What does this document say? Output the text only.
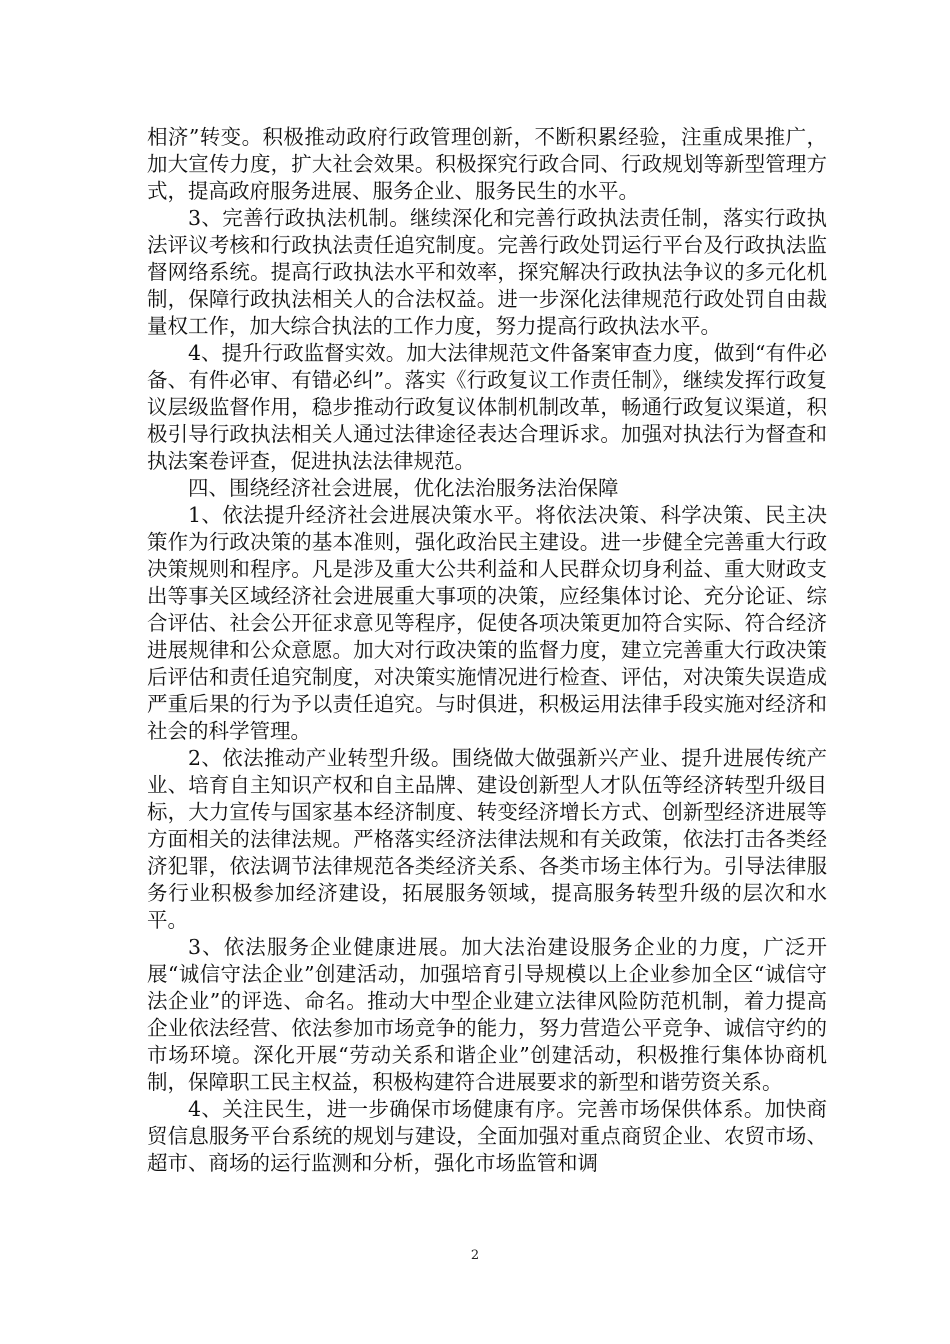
相济”转变。积极推动政府行政管理创新，不断积累经验，注重成果推广，加大宣传力度，扩大社会效果。积极探究行政合同、行政规划等新型管理方式，提高政府服务进展、服务企业、服务民生的水平。

3、完善行政执法机制。继续深化和完善行政执法责任制，落实行政执法评议考核和行政执法责任追究制度。完善行政处罚运行平台及行政执法监督网络系统。提高行政执法水平和效率，探究解决行政执法争议的多元化机制，保障行政执法相关人的合法权益。进一步深化法律规范行政处罚自由裁量权工作，加大综合执法的工作力度，努力提高行政执法水平。

4、提升行政监督实效。加大法律规范文件备案审查力度，做到“有件必备、有件必审、有错必纠”。落实《行政复议工作责任制》，继续发挥行政复议层级监督作用，稳步推动行政复议体制机制改革，畅通行政复议渠道，积极引导行政执法相关人通过法律途径表达合理诉求。加强对执法行为督查和执法案卷评查，促进执法法律规范。

四、围绕经济社会进展，优化法治服务法治保障

1、依法提升经济社会进展决策水平。将依法决策、科学决策、民主决策作为行政决策的基本准则，强化政治民主建设。进一步健全完善重大行政决策规则和程序。凡是涉及重大公共利益和人民群众切身利益、重大财政支出等事关区域经济社会进展重大事项的决策，应经集体讨论、充分论证、综合评估、社会公开征求意见等程序，促使各项决策更加符合实际、符合经济进展规律和公众意愿。加大对行政决策的监督力度，建立完善重大行政决策后评估和责任追究制度，对决策实施情况进行检查、评估，对决策失误造成严重后果的行为予以责任追究。与时俱进，积极运用法律手段实施对经济和社会的科学管理。

2、依法推动产业转型升级。围绕做大做强新兴产业、提升进展传统产业、培育自主知识产权和自主品牌、建设创新型人才队伍等经济转型升级目标，大力宣传与国家基本经济制度、转变经济增长方式、创新型经济进展等方面相关的法律法规。严格落实经济法律法规和有关政策，依法打击各类经济犯罪，依法调节法律规范各类经济关系、各类市场主体行为。引导法律服务行业积极参加经济建设，拓展服务领域，提高服务转型升级的层次和水平。

3、依法服务企业健康进展。加大法治建设服务企业的力度，广泛开展“诚信守法企业”创建活动，加强培育引导规模以上企业参加全区“诚信守法企业”的评选、命名。推动大中型企业建立法律风险防范机制，着力提高企业依法经营、依法参加市场竞争的能力，努力营造公平竞争、诚信守约的市场环境。深化开展“劳动关系和谐企业”创建活动，积极推行集体协商机制，保障职工民主权益，积极构建符合进展要求的新型和谐劳资关系。

4、关注民生，进一步确保市场健康有序。完善市场保供体系。加快商贸信息服务平台系统的规划与建设，全面加强对重点商贸企业、农贸市场、超市、商场的运行监测和分析，强化市场监管和调

2
